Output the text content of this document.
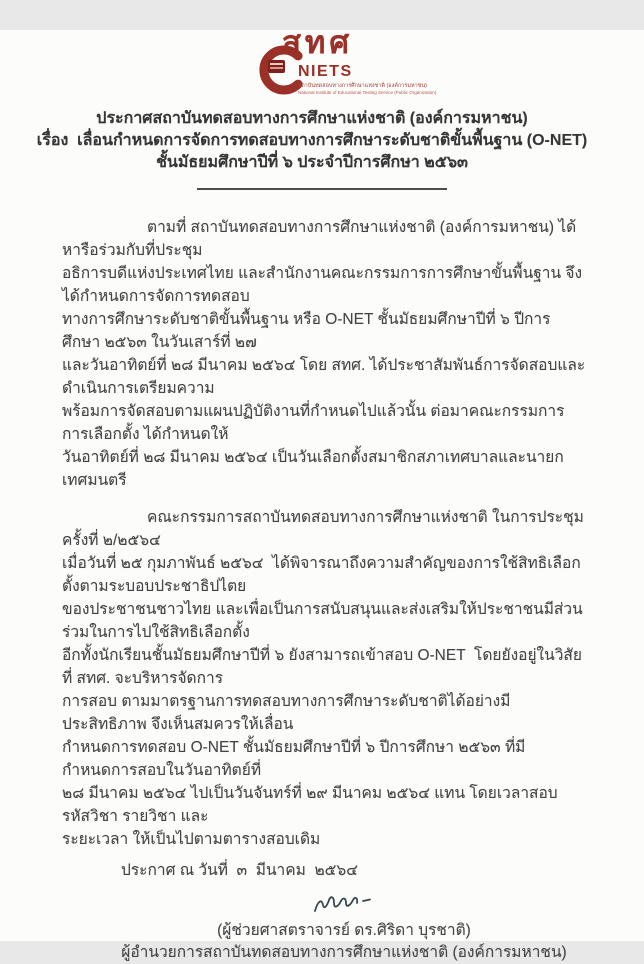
สทศ
NIETS
สถาบันทดสอบทางการศึกษาแห่งชาติ (องค์การมหาชน)
National Institute of Educational Testing Service (Public Organization)
ประกาศสถาบันทดสอบทางการศึกษาแห่งชาติ (องค์การมหาชน)
เรื่อง  เลื่อนกำหนดการจัดการทดสอบทางการศึกษาระดับชาติขั้นพื้นฐาน (O-NET)
ชั้นมัธยมศึกษาปีที่ ๖ ประจำปีการศึกษา ๒๕๖๓
ตามที่ สถาบันทดสอบทางการศึกษาแห่งชาติ (องค์การมหาชน) ได้หารือร่วมกับที่ประชุม
อธิการบดีแห่งประเทศไทย และสำนักงานคณะกรรมการการศึกษาขั้นพื้นฐาน จึงได้กำหนดการจัดการทดสอบ
ทางการศึกษาระดับชาติขั้นพื้นฐาน หรือ O-NET ชั้นมัธยมศึกษาปีที่ ๖ ปีการศึกษา ๒๕๖๓ ในวันเสาร์ที่ ๒๗
และวันอาทิตย์ที่ ๒๘ มีนาคม ๒๕๖๔ โดย สทศ. ได้ประชาสัมพันธ์การจัดสอบและดำเนินการเตรียมความ
พร้อมการจัดสอบตามแผนปฏิบัติงานที่กำหนดไปแล้วนั้น ต่อมาคณะกรรมการการเลือกตั้ง ได้กำหนดให้
วันอาทิตย์ที่ ๒๘ มีนาคม ๒๕๖๔ เป็นวันเลือกตั้งสมาชิกสภาเทศบาลและนายกเทศมนตรี
คณะกรรมการสถาบันทดสอบทางการศึกษาแห่งชาติ ในการประชุม ครั้งที่ ๒/๒๕๖๔
เมื่อวันที่ ๒๕ กุมภาพันธ์ ๒๕๖๔  ได้พิจารณาถึงความสำคัญของการใช้สิทธิเลือกตั้งตามระบอบประชาธิปไตย
ของประชาชนชาวไทย และเพื่อเป็นการสนับสนุนและส่งเสริมให้ประชาชนมีส่วนร่วมในการไปใช้สิทธิเลือกตั้ง
อีกทั้งนักเรียนชั้นมัธยมศึกษาปีที่ ๖ ยังสามารถเข้าสอบ O-NET  โดยยังอยู่ในวิสัยที่ สทศ. จะบริหารจัดการ
การสอบ ตามมาตรฐานการทดสอบทางการศึกษาระดับชาติได้อย่างมีประสิทธิภาพ จึงเห็นสมควรให้เลื่อน
กำหนดการทดสอบ O-NET ชั้นมัธยมศึกษาปีที่ ๖ ปีการศึกษา ๒๕๖๓ ที่มีกำหนดการสอบในวันอาทิตย์ที่
๒๘ มีนาคม ๒๕๖๔ ไปเป็นวันจันทร์ที่ ๒๙ มีนาคม ๒๕๖๔ แทน โดยเวลาสอบ รหัสวิชา รายวิชา และ
ระยะเวลา ให้เป็นไปตามตารางสอบเดิม
ประกาศ ณ วันที่  ๓  มีนาคม  ๒๕๖๔
(ผู้ช่วยศาสตราจารย์ ดร.ศิริดา บุรชาติ)
ผู้อำนวยการสถาบันทดสอบทางการศึกษาแห่งชาติ (องค์การมหาชน)
